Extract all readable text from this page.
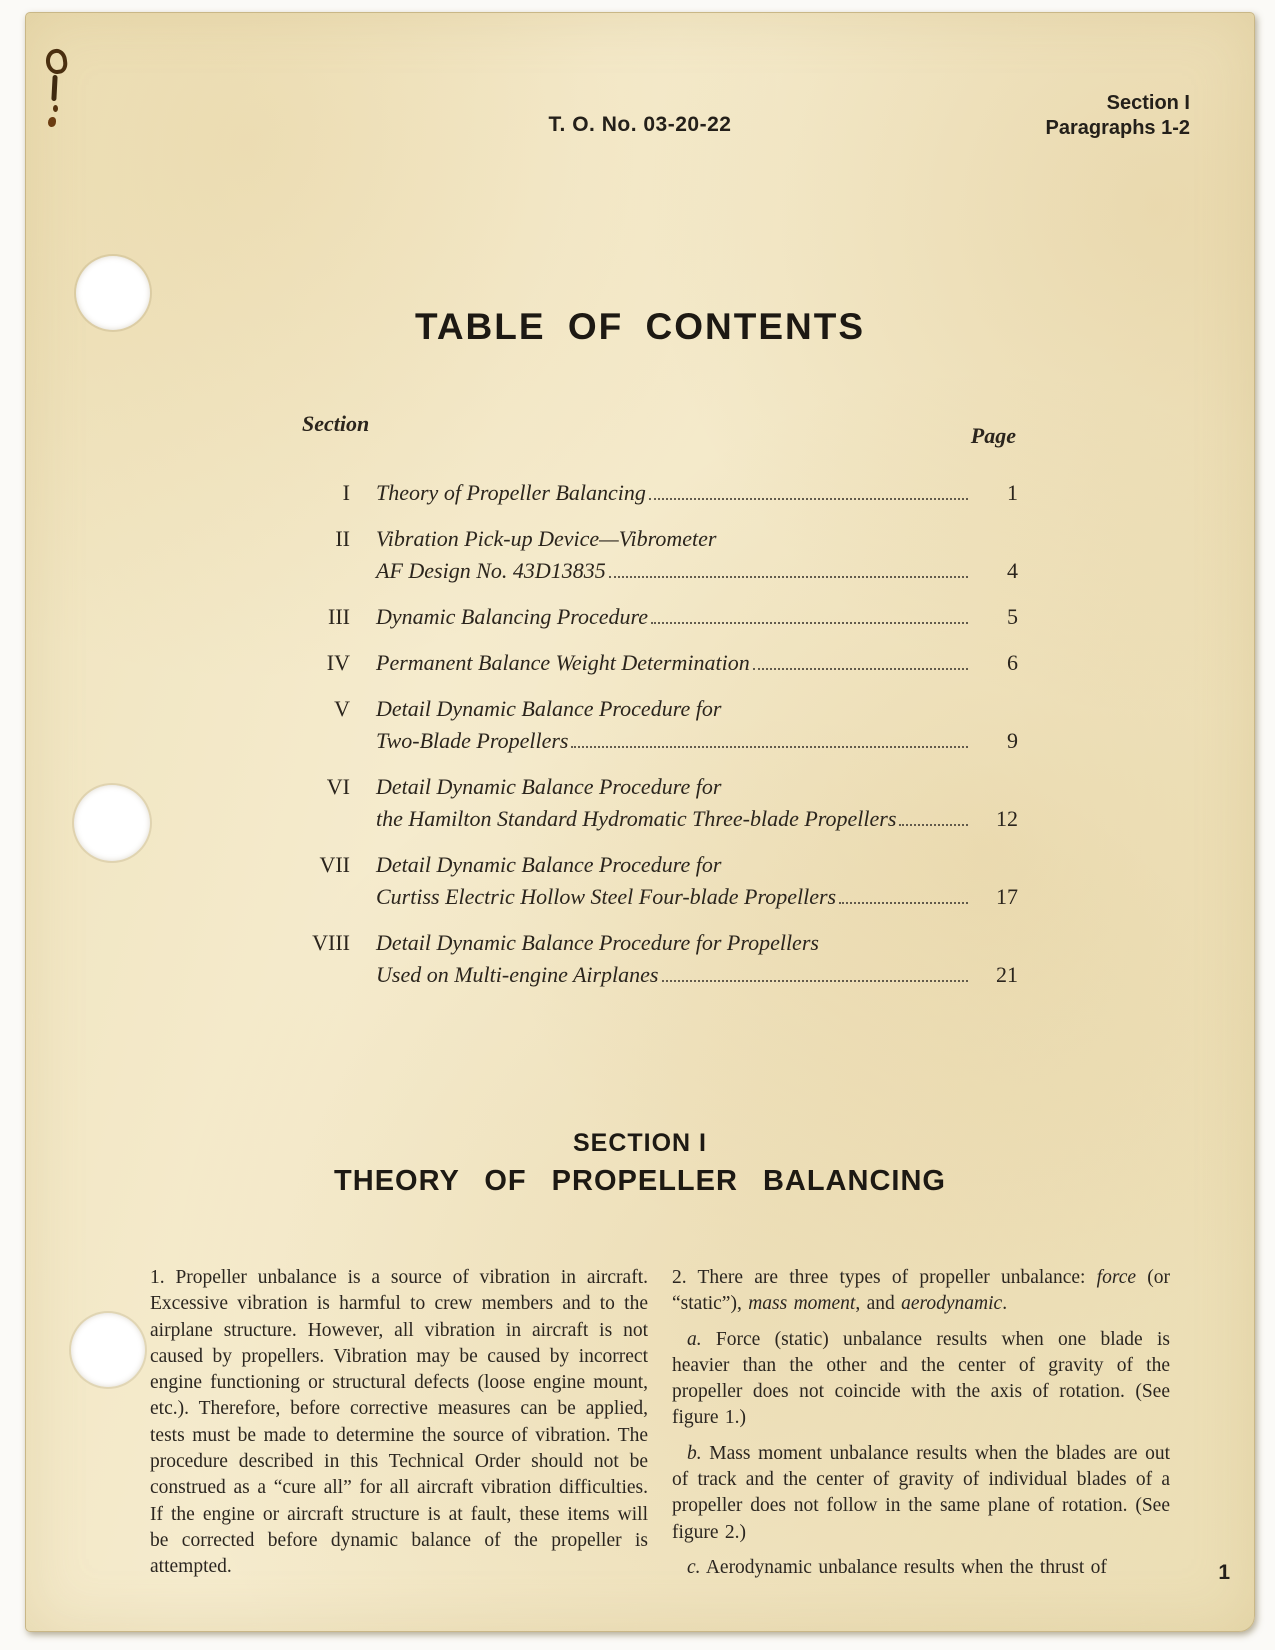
T. O. No. 03-20-22
Section I
Paragraphs 1-2
TABLE OF CONTENTS
Section	Page
I	Theory of Propeller Balancing	1
II	Vibration Pick-up Device—Vibrometer
AF Design No. 43D13835	4
III	Dynamic Balancing Procedure	5
IV	Permanent Balance Weight Determination	6
V	Detail Dynamic Balance Procedure for
Two-Blade Propellers	9
VI	Detail Dynamic Balance Procedure for
the Hamilton Standard Hydromatic Three-blade Propellers	12
VII	Detail Dynamic Balance Procedure for
Curtiss Electric Hollow Steel Four-blade Propellers	17
VIII	Detail Dynamic Balance Procedure for Propellers
Used on Multi-engine Airplanes	21
SECTION I
THEORY OF PROPELLER BALANCING

1. Propeller unbalance is a source of vibration in aircraft. Excessive vibration is harmful to crew members and to the airplane structure. However, all vibration in aircraft is not caused by propellers. Vibration may be caused by incorrect engine functioning or structural defects (loose engine mount, etc.). Therefore, before corrective measures can be applied, tests must be made to determine the source of vibration. The procedure described in this Technical Order should not be construed as a “cure all” for all aircraft vibration difficulties. If the engine or aircraft structure is at fault, these items will be corrected before dynamic balance of the propeller is attempted.

2. There are three types of propeller unbalance: force (or “static”), mass moment, and aerodynamic.

a. Force (static) unbalance results when one blade is heavier than the other and the center of gravity of the propeller does not coincide with the axis of rotation. (See figure 1.)

b. Mass moment unbalance results when the blades are out of track and the center of gravity of individual blades of a propeller does not follow in the same plane of rotation. (See figure 2.)

c. Aerodynamic unbalance results when the thrust of	1
